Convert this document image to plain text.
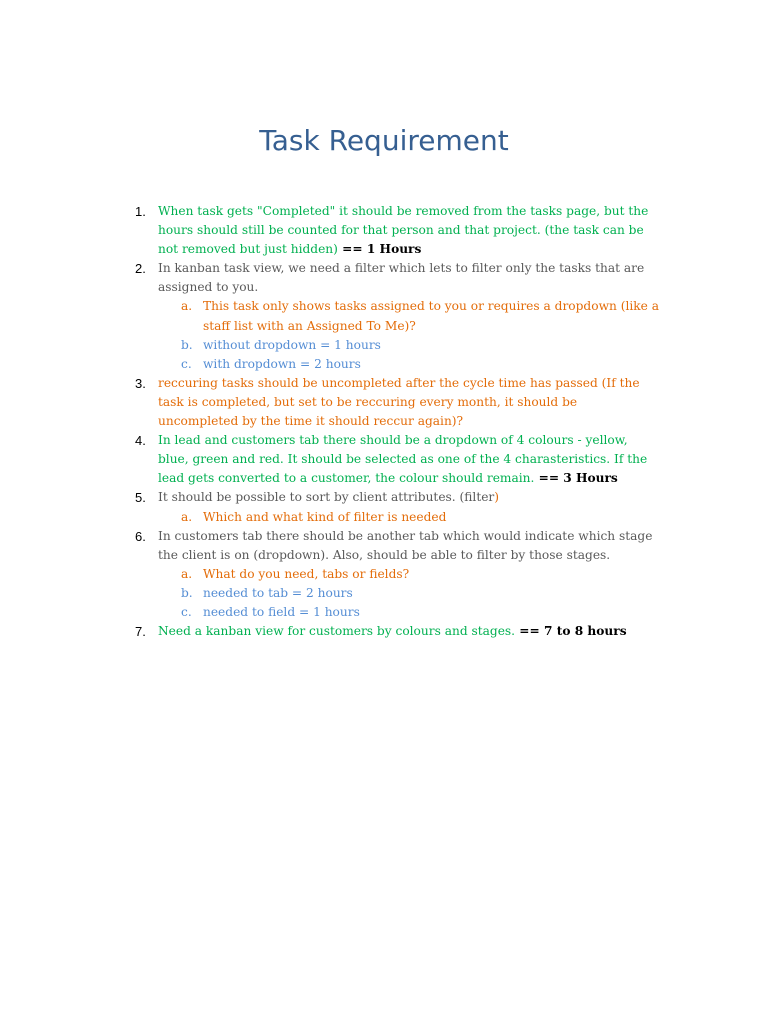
Task Requirement
1. When task gets "Completed" it should be removed from the tasks page, but the hours should still be counted for that person and that project. (the task can be not removed but just hidden) == 1 Hours
2. In kanban task view, we need a filter which lets to filter only the tasks that are assigned to you.
a. This task only shows tasks assigned to you or requires a dropdown (like a staff list with an Assigned To Me)?
b. without dropdown = 1 hours
c. with dropdown = 2 hours
3. reccuring tasks should be uncompleted after the cycle time has passed (If the task is completed, but set to be reccuring every month, it should be uncompleted by the time it should reccur again)?
4. In lead and customers tab there should be a dropdown of 4 colours - yellow, blue, green and red. It should be selected as one of the 4 charasteristics. If the lead gets converted to a customer, the colour should remain. == 3 Hours
5. It should be possible to sort by client attributes. (filter)
a. Which and what kind of filter is needed
6. In customers tab there should be another tab which would indicate which stage the client is on (dropdown). Also, should be able to filter by those stages.
a. What do you need, tabs or fields?
b. needed to tab = 2 hours
c. needed to field = 1 hours
7. Need a kanban view for customers by colours and stages. == 7 to 8 hours
